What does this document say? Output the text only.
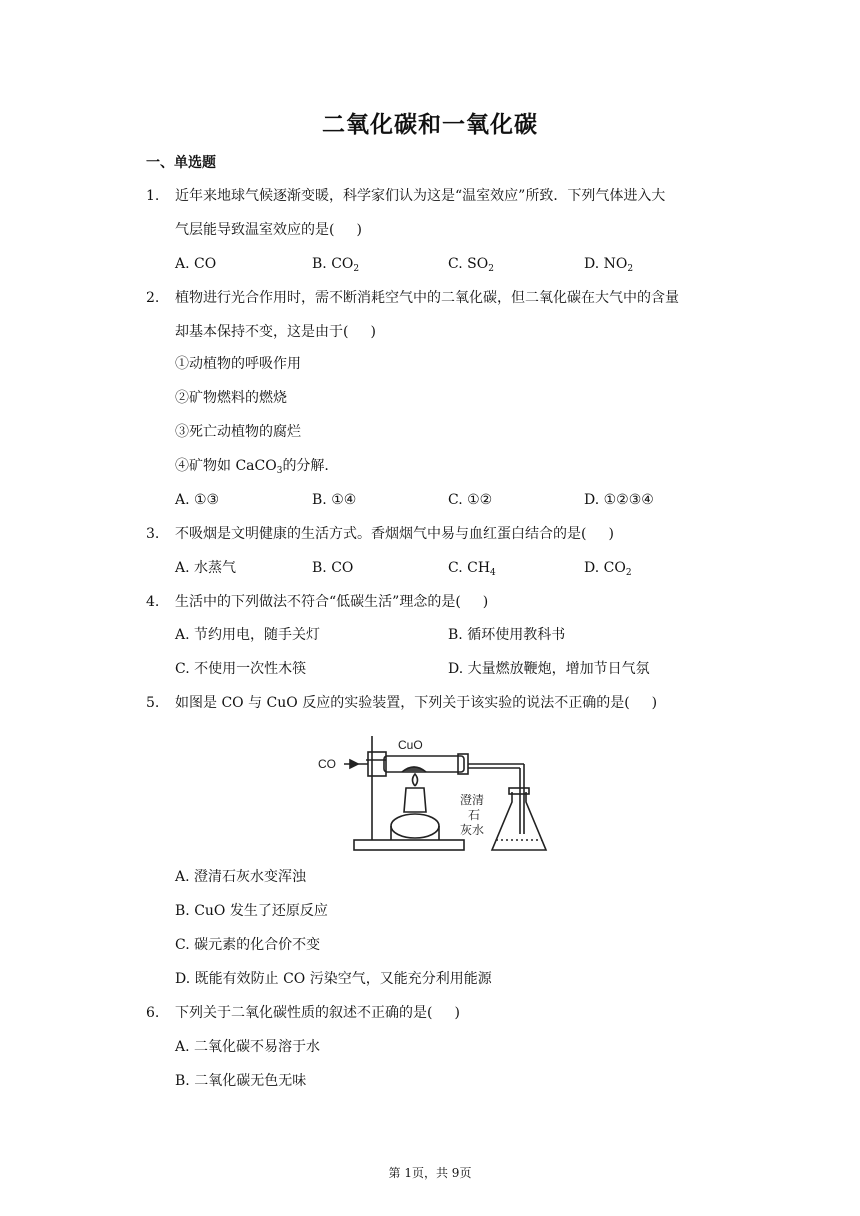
二氧化碳和一氧化碳
一、单选题
1. 近年来地球气候逐渐变暖，科学家们认为这是“温室效应”所致．下列气体进入大
气层能导致温室效应的是( )
A. CO	B. $CO_2$	C. $SO_2$	D. $NO_2$
2. 植物进行光合作用时，需不断消耗空气中的二氧化碳，但二氧化碳在大气中的含量
却基本保持不变，这是由于( )
①动植物的呼吸作用
②矿物燃料的燃烧
③死亡动植物的腐烂
④矿物如 CaCO$_3$的分解.
A. ①③	B. ①④	C. ①②	D. ①②③④
3. 不吸烟是文明健康的生活方式。香烟烟气中易与血红蛋白结合的是( )
A. 水蒸气	B. CO	C. $CH_4$	D. $CO_2$
4. 生活中的下列做法不符合“低碳生活”理念的是( )
A. 节约用电，随手关灯	B. 循环使用教科书
C. 不使用一次性木筷	D. 大量燃放鞭炮，增加节日气氛
5. 如图是 CO 与 CuO 反应的实验装置，下列关于该实验的说法不正确的是( )
CO
CuO
澄清
石
灰水
A. 澄清石灰水变浑浊
B. CuO 发生了还原反应
C. 碳元素的化合价不变
D. 既能有效防止 CO 污染空气，又能充分利用能源
6. 下列关于二氧化碳性质的叙述不正确的是( )
A. 二氧化碳不易溶于水
B. 二氧化碳无色无味
第 1页，共 9页
